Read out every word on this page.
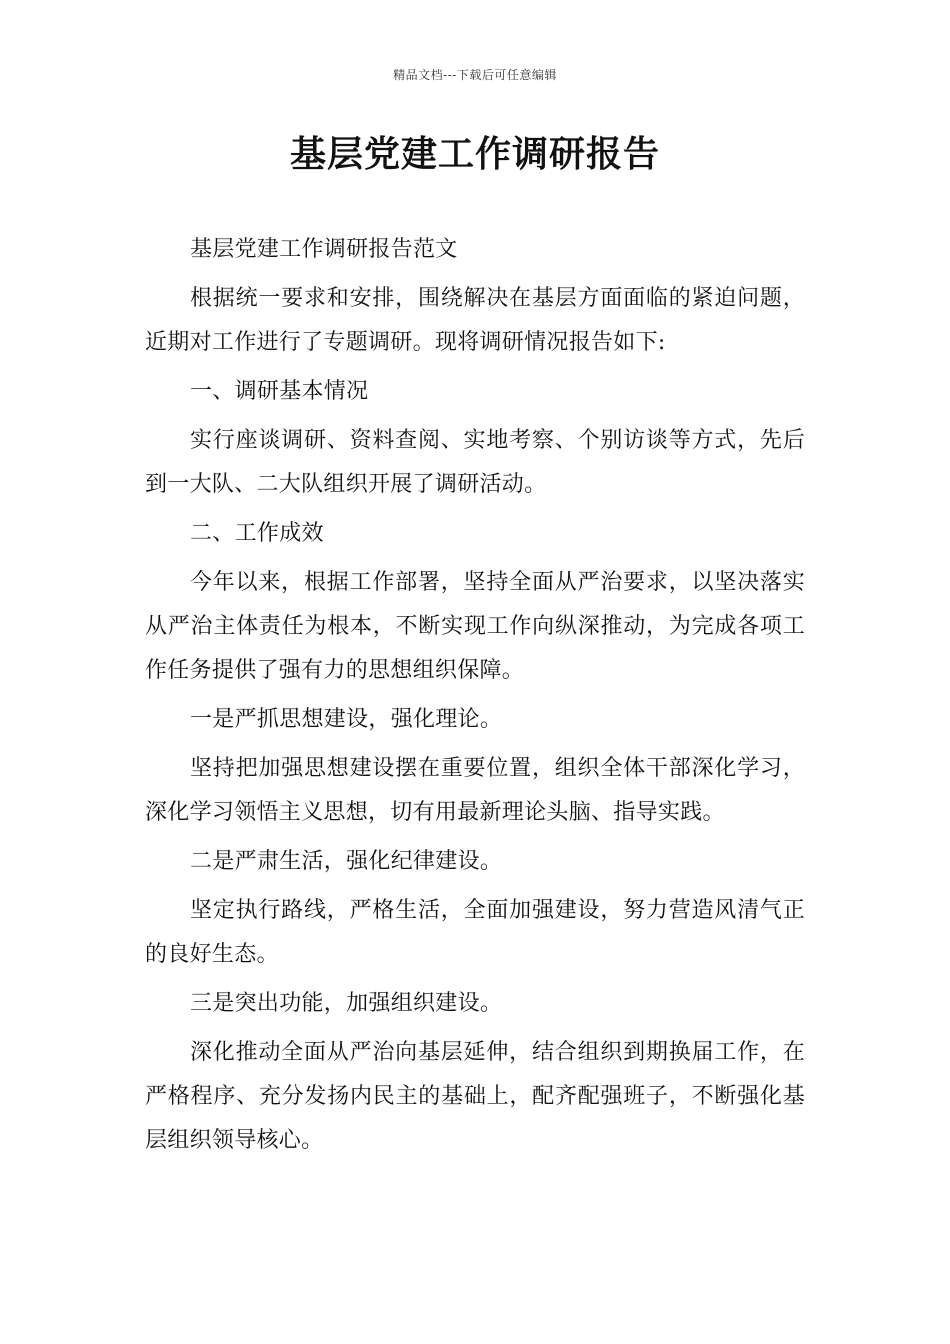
精品文档---下载后可任意编辑
基层党建工作调研报告

基层党建工作调研报告范文

根据统一要求和安排，围绕解决在基层方面面临的紧迫问题，近期对工作进行了专题调研。现将调研情况报告如下:

一、调研基本情况

实行座谈调研、资料查阅、实地考察、个别访谈等方式，先后到一大队、二大队组织开展了调研活动。

二、工作成效

今年以来，根据工作部署，坚持全面从严治要求，以坚决落实从严治主体责任为根本，不断实现工作向纵深推动，为完成各项工作任务提供了强有力的思想组织保障。

一是严抓思想建设，强化理论。

坚持把加强思想建设摆在重要位置，组织全体干部深化学习，深化学习领悟主义思想，切有用最新理论头脑、指导实践。

二是严肃生活，强化纪律建设。

坚定执行路线，严格生活，全面加强建设，努力营造风清气正的良好生态。

三是突出功能，加强组织建设。

深化推动全面从严治向基层延伸，结合组织到期换届工作，在严格程序、充分发扬内民主的基础上，配齐配强班子，不断强化基层组织领导核心。
